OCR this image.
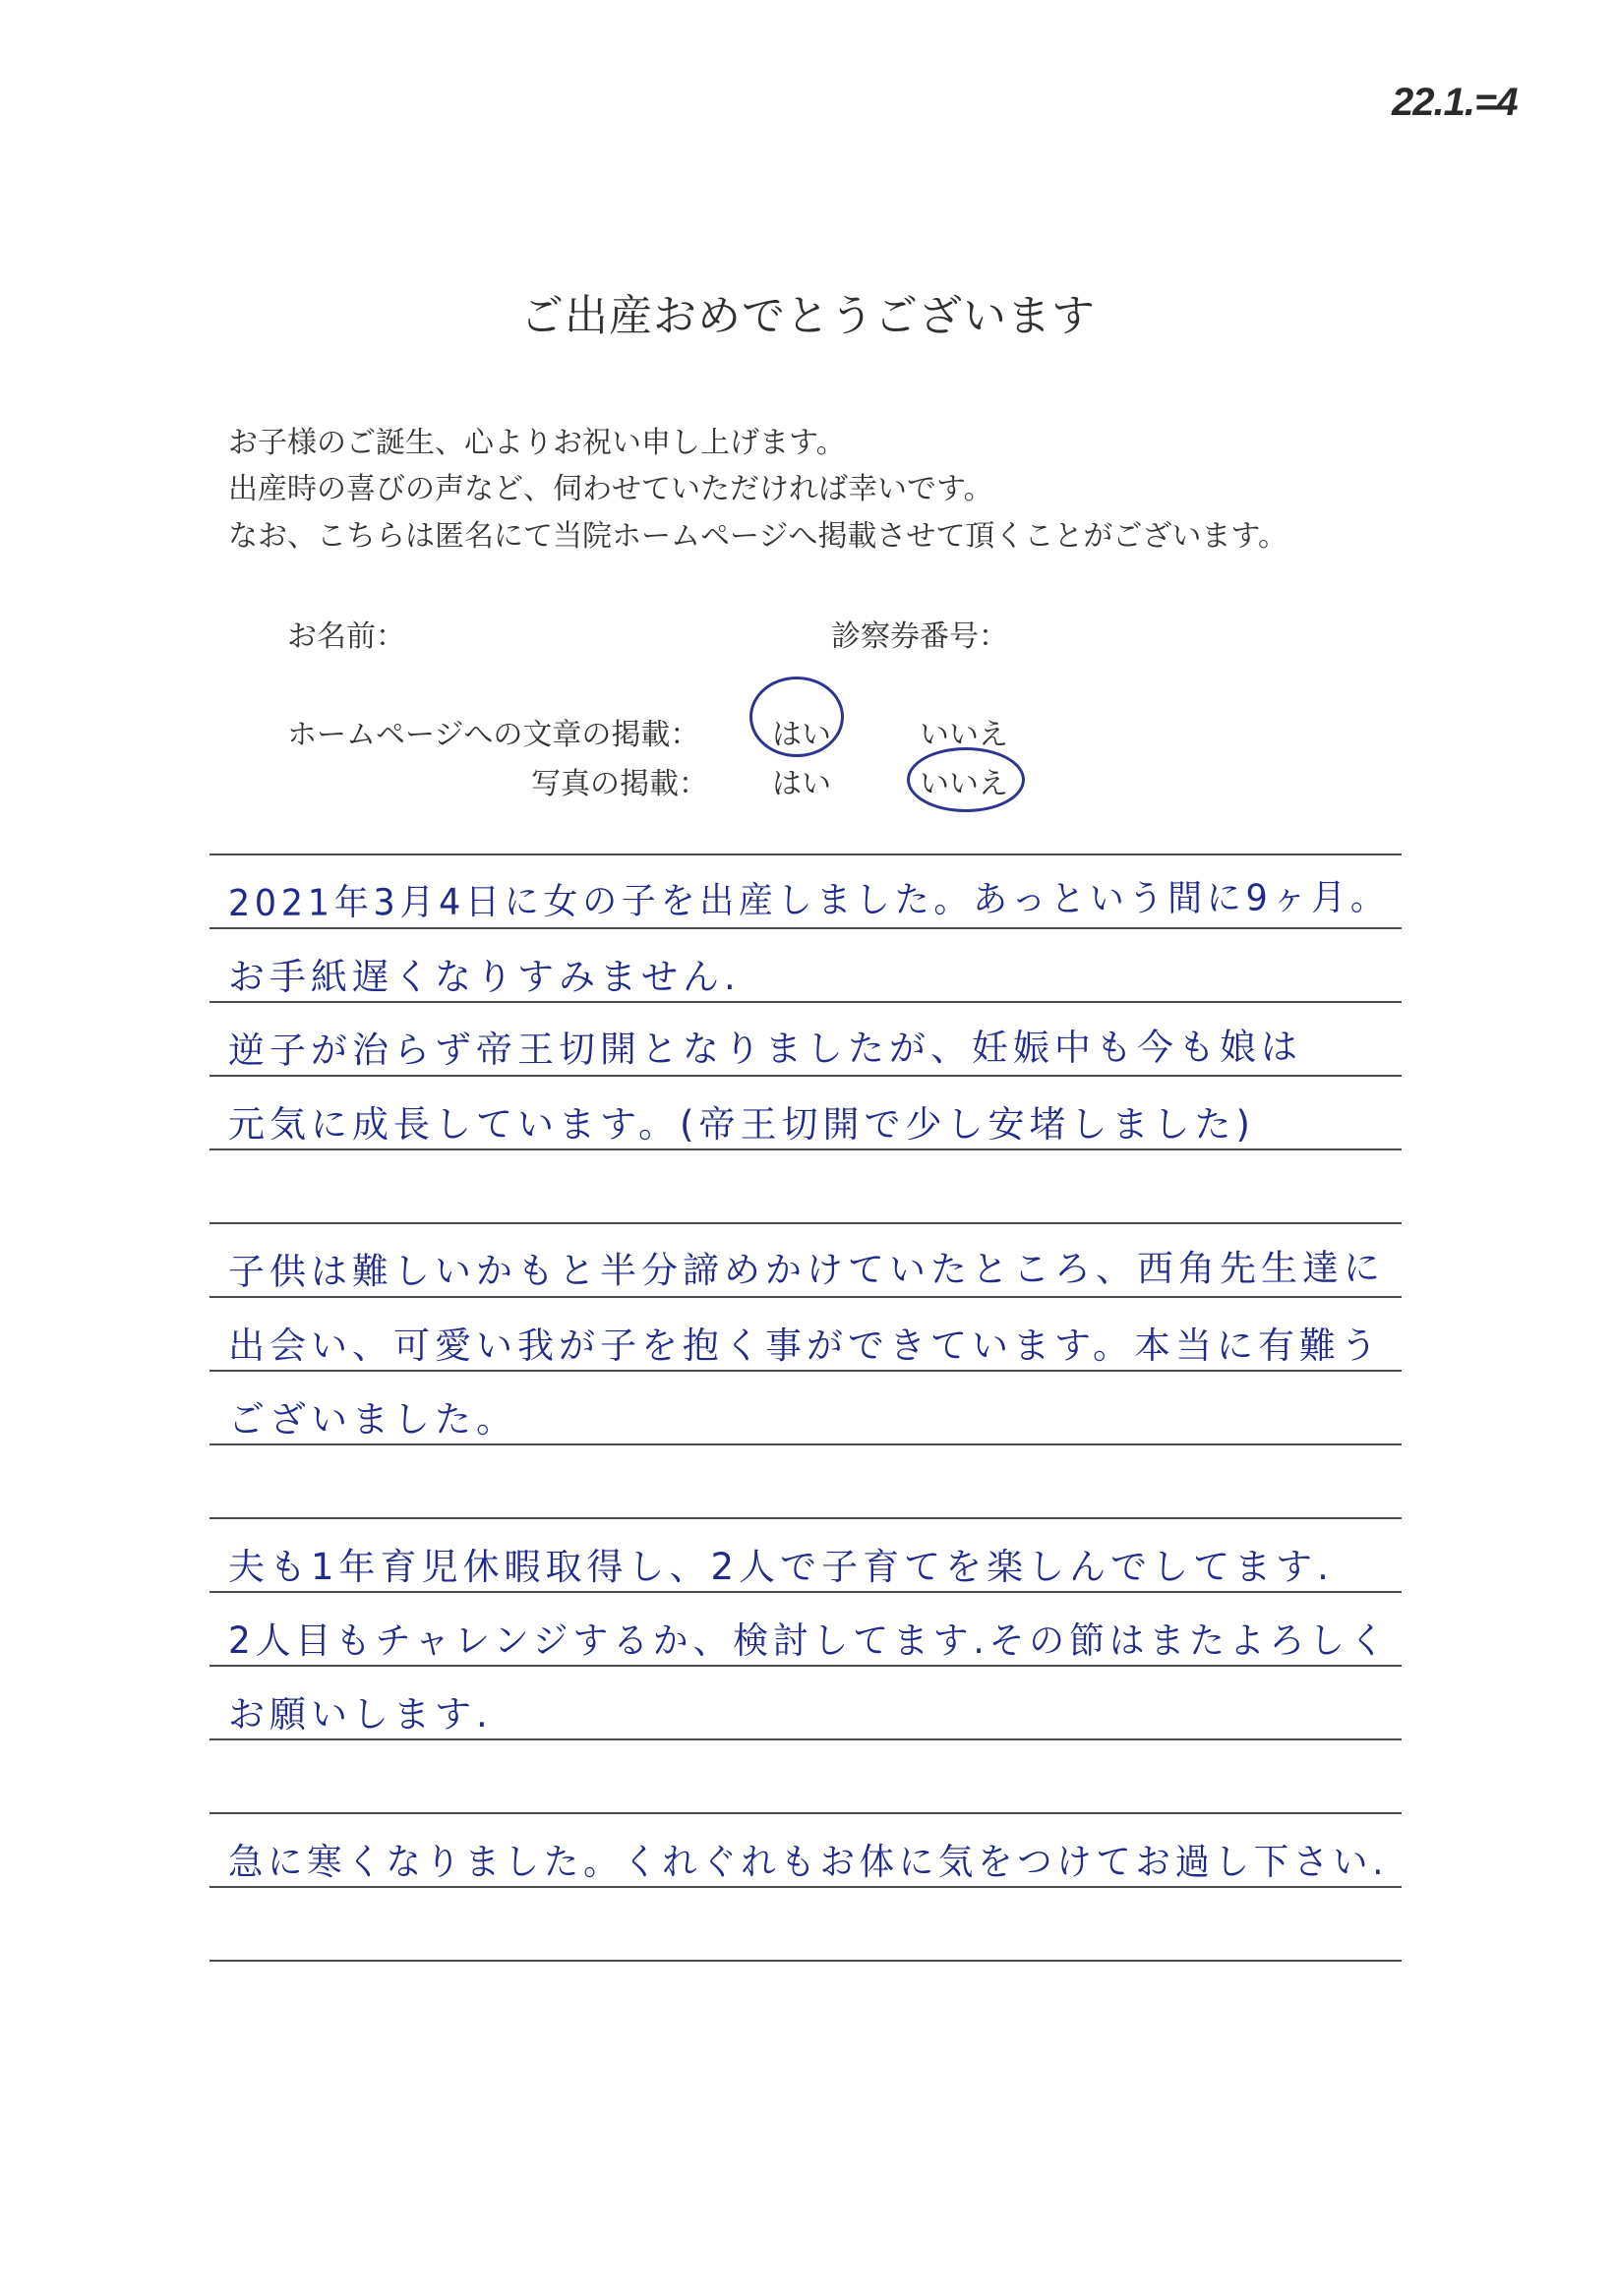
22.1.=4
ご出産おめでとうございます
お子様のご誕生、心よりお祝い申し上げます。
出産時の喜びの声など、伺わせていただければ幸いです。
なお、こちらは匿名にて当院ホームページへ掲載させて頂くことがございます。
お名前：	診察券番号：
ホームページへの文章の掲載： はい	いいえ
写真の掲載： はい	いいえ
2021年3月4日に女の子を出産しました。あっという間に9ヶ月。
お手紙遅くなりすみません.
逆子が治らず帝王切開となりましたが、妊娠中も今も娘は
元気に成長しています。(帝王切開で少し安堵しました)
子供は難しいかもと半分諦めかけていたところ、西角先生達に
出会い、可愛い我が子を抱く事ができています。本当に有難う
ございました。
夫も1年育児休暇取得し、2人で子育てを楽しんでしてます.
2人目もチャレンジするか、検討してます.その節はまたよろしく
お願いします.
急に寒くなりました。くれぐれもお体に気をつけてお過し下さい.
